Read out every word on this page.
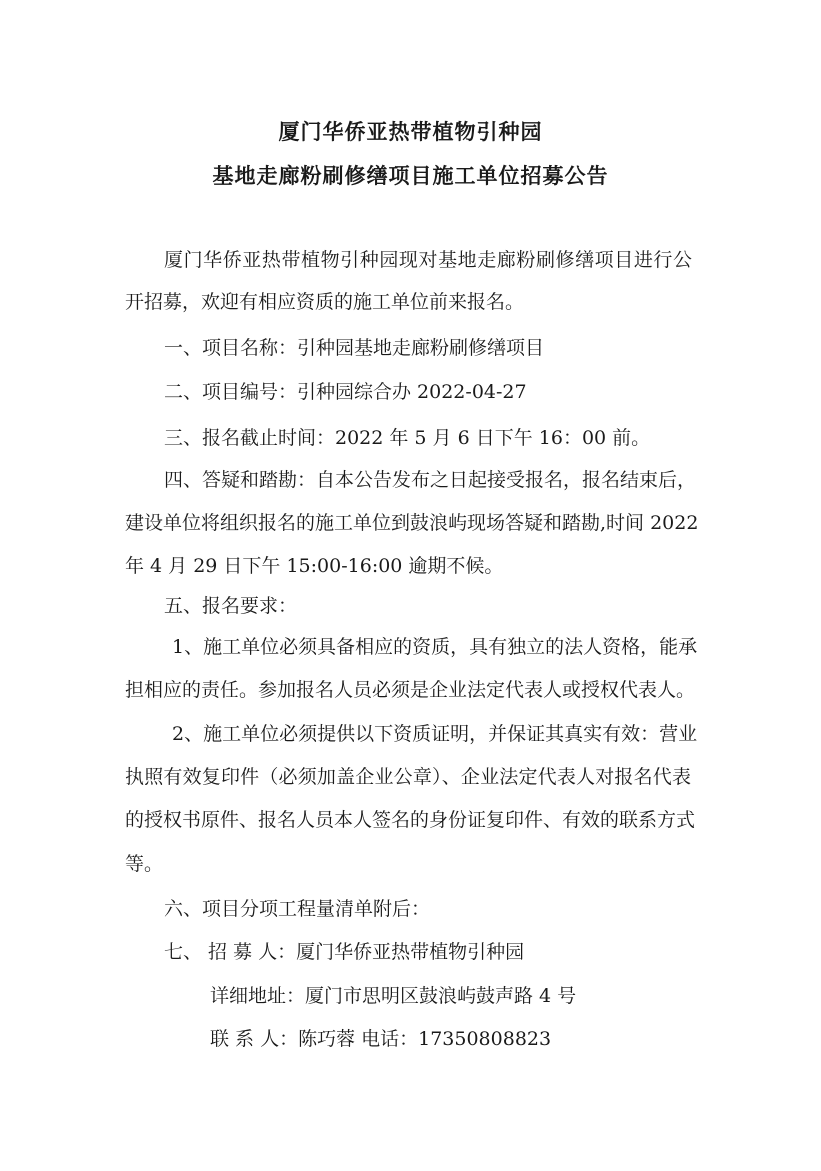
厦门华侨亚热带植物引种园
基地走廊粉刷修缮项目施工单位招募公告
厦门华侨亚热带植物引种园现对基地走廊粉刷修缮项目进行公
开招募，欢迎有相应资质的施工单位前来报名。
一、项目名称：引种园基地走廊粉刷修缮项目
二、项目编号：引种园综合办 2022-04-27
三、报名截止时间：2022 年 5 月 6 日下午 16：00 前。
四、答疑和踏勘：自本公告发布之日起接受报名，报名结束后，
建设单位将组织报名的施工单位到鼓浪屿现场答疑和踏勘,时间 2022
年 4 月 29 日下午 15:00-16:00 逾期不候。
五、报名要求：
1、施工单位必须具备相应的资质，具有独立的法人资格，能承
担相应的责任。参加报名人员必须是企业法定代表人或授权代表人。
2、施工单位必须提供以下资质证明，并保证其真实有效：营业
执照有效复印件（必须加盖企业公章）、企业法定代表人对报名代表
的授权书原件、报名人员本人签名的身份证复印件、有效的联系方式
等。
六、项目分项工程量清单附后：
七、 招 募 人：厦门华侨亚热带植物引种园
详细地址：厦门市思明区鼓浪屿鼓声路 4 号
联 系 人：陈巧蓉 电话：17350808823
